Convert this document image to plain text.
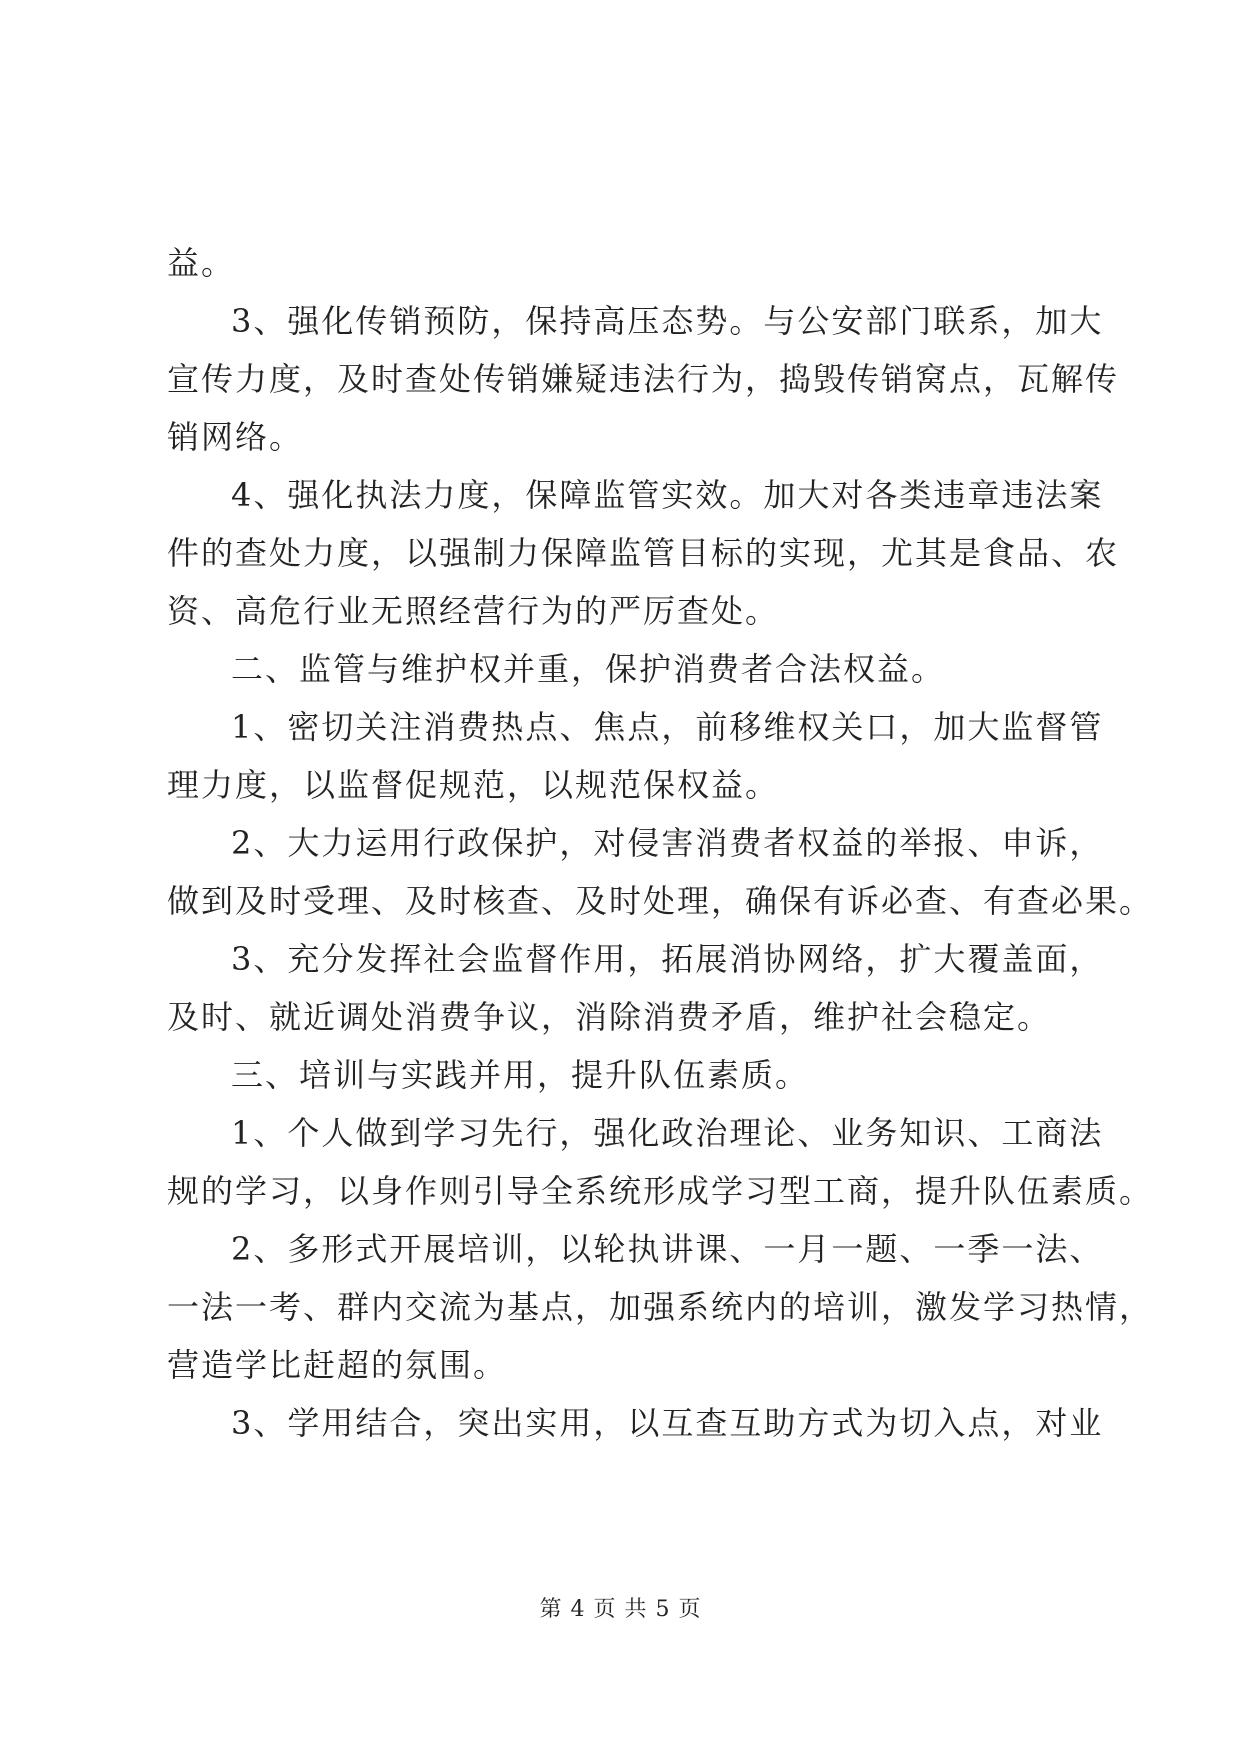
益。
3、强化传销预防，保持高压态势。与公安部门联系，加大
宣传力度，及时查处传销嫌疑违法行为，捣毁传销窝点，瓦解传
销网络。
4、强化执法力度，保障监管实效。加大对各类违章违法案
件的查处力度，以强制力保障监管目标的实现，尤其是食品、农
资、高危行业无照经营行为的严厉查处。
二、监管与维护权并重，保护消费者合法权益。
1、密切关注消费热点、焦点，前移维权关口，加大监督管
理力度，以监督促规范，以规范保权益。
2、大力运用行政保护，对侵害消费者权益的举报、申诉，
做到及时受理、及时核查、及时处理，确保有诉必查、有查必果。
3、充分发挥社会监督作用，拓展消协网络，扩大覆盖面，
及时、就近调处消费争议，消除消费矛盾，维护社会稳定。
三、培训与实践并用，提升队伍素质。
1、个人做到学习先行，强化政治理论、业务知识、工商法
规的学习，以身作则引导全系统形成学习型工商，提升队伍素质。
2、多形式开展培训，以轮执讲课、一月一题、一季一法、
一法一考、群内交流为基点，加强系统内的培训，激发学习热情，
营造学比赶超的氛围。
3、学用结合，突出实用，以互查互助方式为切入点，对业
第 4 页 共 5 页
